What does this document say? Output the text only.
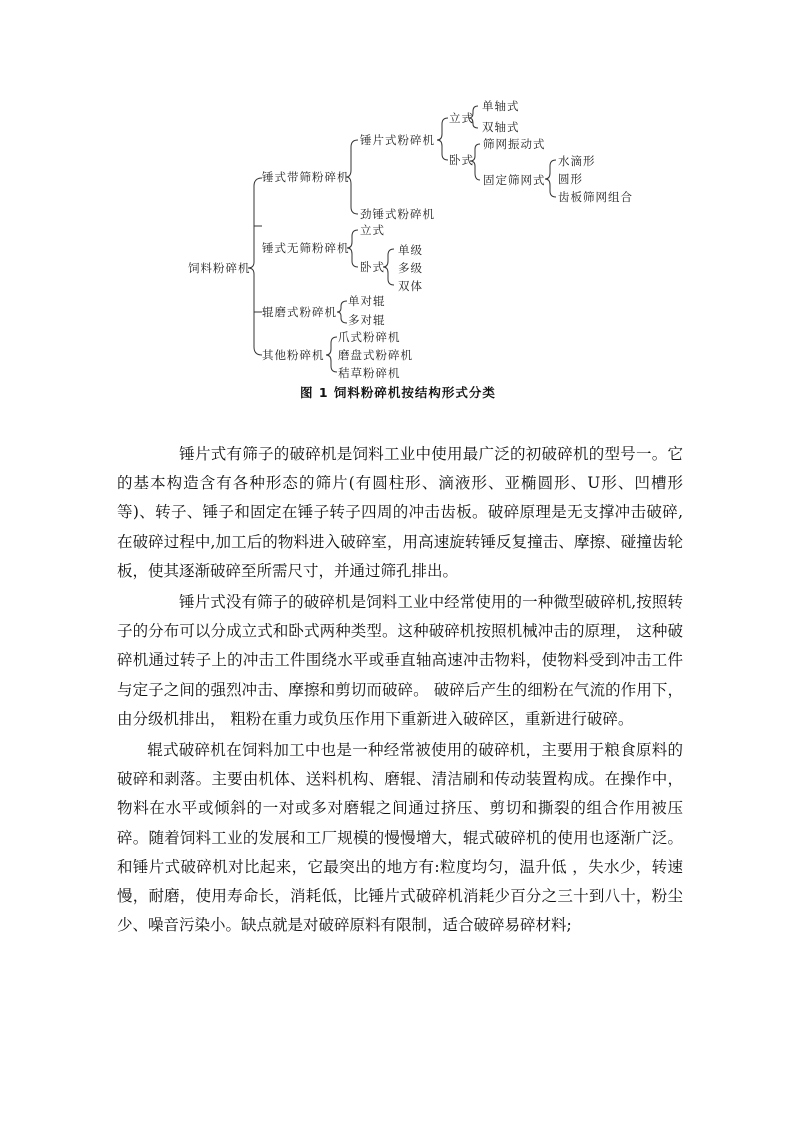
饲料粉碎机
锤式带筛粉碎机
锤式无筛粉碎机
辊磨式粉碎机
其他粉碎机
锤片式粉碎机
劲锤式粉碎机
立式
卧式
单轴式
双轴式
筛网振动式
固定筛网式
水滴形
圆形
齿板筛网组合
立式
卧式
单级
多级
双体
单对辊
多对辊
爪式粉碎机
磨盘式粉碎机
秸草粉碎机
图 1 饲料粉碎机按结构形式分类

锤片式有筛子的破碎机是饲料工业中使用最广泛的初破碎机的型号一。它的基本构造含有各种形态的筛片(有圆柱形、滴液形、亚椭圆形、U形、凹槽形等)、转子、锤子和固定在锤子转子四周的冲击齿板。破碎原理是无支撑冲击破碎,在破碎过程中,加工后的物料进入破碎室，用高速旋转锤反复撞击、摩擦、碰撞齿轮板，使其逐渐破碎至所需尺寸，并通过筛孔排出。

锤片式没有筛子的破碎机是饲料工业中经常使用的一种微型破碎机,按照转子的分布可以分成立式和卧式两种类型。这种破碎机按照机械冲击的原理， 这种破碎机通过转子上的冲击工件围绕水平或垂直轴高速冲击物料，使物料受到冲击工件与定子之间的强烈冲击、摩擦和剪切而破碎。 破碎后产生的细粉在气流的作用下， 由分级机排出， 粗粉在重力或负压作用下重新进入破碎区，重新进行破碎。

辊式破碎机在饲料加工中也是一种经常被使用的破碎机，主要用于粮食原料的破碎和剥落。主要由机体、送料机构、磨辊、清洁刷和传动装置构成。在操作中，物料在水平或倾斜的一对或多对磨辊之间通过挤压、剪切和撕裂的组合作用被压碎。随着饲料工业的发展和工厂规模的慢慢增大，辊式破碎机的使用也逐渐广泛。和锤片式破碎机对比起来，它最突出的地方有:粒度均匀，温升低 ，失水少，转速慢，耐磨，使用寿命长，消耗低，比锤片式破碎机消耗少百分之三十到八十，粉尘少、噪音污染小。缺点就是对破碎原料有限制，适合破碎易碎材料;
